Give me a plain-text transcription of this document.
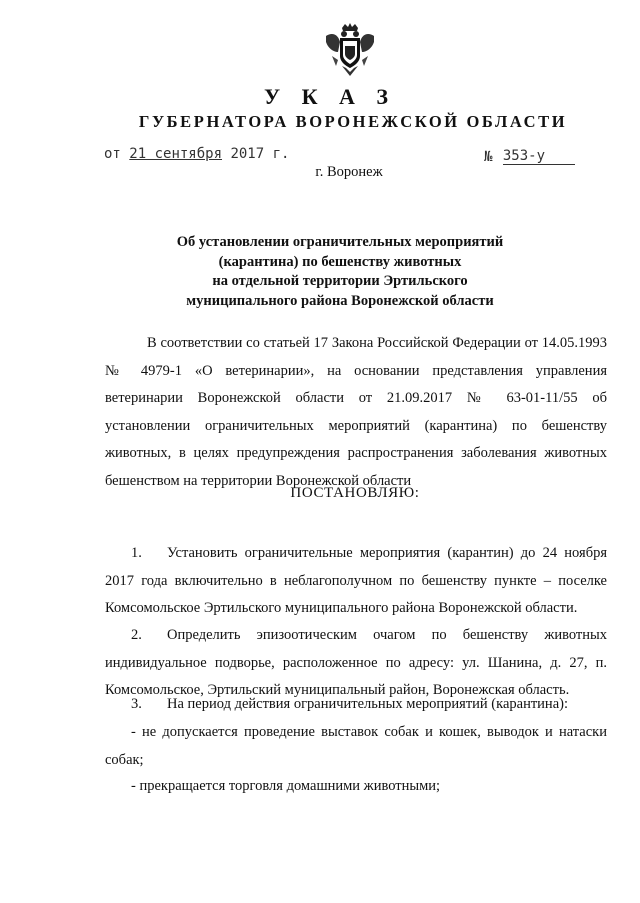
У К А З
ГУБЕРНАТОРА ВОРОНЕЖСКОЙ ОБЛАСТИ
от 21 сентября 2017 г.	№ 353-у
г. Воронеж
Об установлении ограничительных мероприятий
(карантина) по бешенству животных
на отдельной территории Эртильского
муниципального района Воронежской области
В соответствии со статьей 17 Закона Российской Федерации от 14.05.1993 № 4979-1 «О ветеринарии», на основании представления управления ветеринарии Воронежской области от 21.09.2017 № 63-01-11/55 об установлении ограничительных мероприятий (карантина) по бешенству животных, в целях предупреждения распространения заболевания животных бешенством на территории Воронежской области
ПОСТАНОВЛЯЮ:
1. Установить ограничительные мероприятия (карантин) до 24 ноября 2017 года включительно в неблагополучном по бешенству пункте – поселке Комсомольское Эртильского муниципального района Воронежской области.
2. Определить эпизоотическим очагом по бешенству животных индивидуальное подворье, расположенное по адресу: ул. Шанина, д. 27, п. Комсомольское, Эртильский муниципальный район, Воронежская область.
3. На период действия ограничительных мероприятий (карантина):
- не допускается проведение выставок собак и кошек, выводок и натаски собак;
- прекращается торговля домашними животными;
